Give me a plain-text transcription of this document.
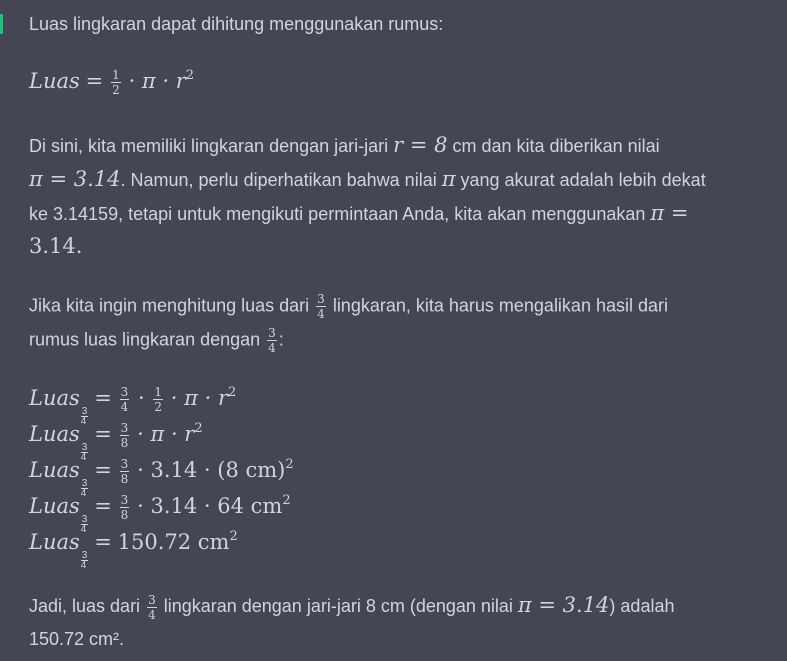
Luas lingkaran dapat dihitung menggunakan rumus:
Luas = $\frac{1}{2} \cdot \pi \cdot r^2$
Di sini, kita memiliki lingkaran dengan jari-jari r = 8 cm dan kita diberikan nilai
π = 3.14. Namun, perlu diperhatikan bahwa nilai π yang akurat adalah lebih dekat
ke 3.14159, tetapi untuk mengikuti permintaan Anda, kita akan menggunakan π =
3.14.
Jika kita ingin menghitung luas dari $\frac{3}{4}$ lingkaran, kita harus mengalikan hasil dari
rumus luas lingkaran dengan $\frac{3}{4}$ :
Luas
$\frac{3}{4}$
= $\frac{3}{4} \cdot \frac{1}{2} \cdot \pi \cdot r^2$
Luas
$\frac{3}{4}$
= $\frac{3}{8} \cdot \pi \cdot r^2$
Luas
$\frac{3}{4}$
= $\frac{3}{8} \cdot 3.14 \cdot (8$ cm)$^2$
Luas
$\frac{3}{4}$
= $\frac{3}{8} \cdot 3.14 \cdot 64$ $cm^2$
Luas
$\frac{3}{4}$
= 150.72 $cm^2$
Jadi, luas dari $\frac{3}{4}$ lingkaran dengan jari-jari 8 cm (dengan nilai π = 3.14) adalah
150.72 cm².
